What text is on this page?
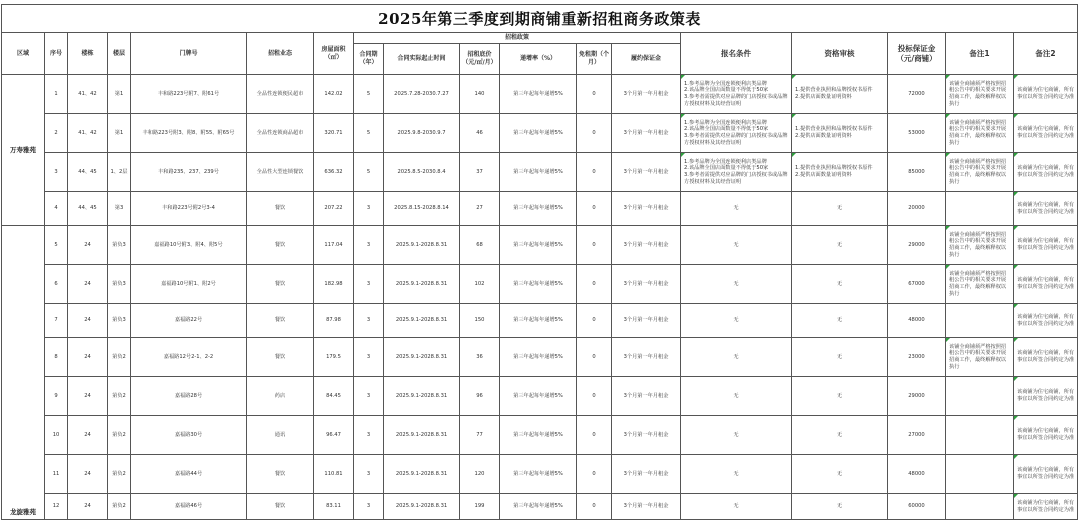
2025年第三季度到期商铺重新招租商务政策表																	
区域	序号	楼栋	楼层	门牌号	招租业态	房屋面积（㎡）	招租政策						报名条件	资格审核	投标保证金（元/商铺）	备注1	备注2
							合同期（年）	合同实际起止时间	招租底价（元/㎡/月）	递增率（%）	免租期（个月）	履约保证金					
万寿雅苑	1	41、42	第1	丰和路223号附7、附61号	全品性连锁便民超市	142.02	5	2025.7.28-2030.7.27	140	第三年起每年递增5%	0	3个月第一年月租金	1.参考品牌为全国连锁便利店类品牌
2.该品牌全国店面数量不得低于50家
3.参考者需提供对应品牌的门店授权书或品牌方授权材料及其经营证明	1.提供营业执照和品牌授权书原件
2.提供店面数量证明资料	72000	该铺全商铺须严格按照招租公告中的相关要求开展招商工作，最终解释权以执行	该商铺为住宅商铺，所有事宜以所签合同约定为准
	2	41、42	第1	丰和路223号附3、附8、附55、附65号	全品性连锁商品超市	320.71	5	2025.9.8-2030.9.7	46	第三年起每年递增5%	0	3个月第一年月租金	1.参考品牌为全国连锁便利店类品牌
2.该品牌全国店面数量不得低于50家
3.参考者需提供对应品牌的门店授权书或品牌方授权材料及其经营证明	1.提供营业执照和品牌授权书原件
2.提供店面数量证明资料	53000	该铺全商铺须严格按照招租公告中的相关要求开展招商工作，最终解释权以执行	该商铺为住宅商铺，所有事宜以所签合同约定为准
	3	44、45	1、2层	丰和路235、237、239号	全品性大型连锁餐饮	636.32	5	2025.8.5-2030.8.4	37	第三年起每年递增5%	0	3个月第一年月租金	1.参考品牌为全国连锁便利店类品牌
2.该品牌全国店面数量不得低于50家
3.参考者需提供对应品牌的门店授权书或品牌方授权材料及其经营证明	1.提供营业执照和品牌授权书原件
2.提供店面数量证明资料	85000	该铺全商铺须严格按照招租公告中的相关要求开展招商工作，最终解释权以执行	该商铺为住宅商铺，所有事宜以所签合同约定为准
	4	44、45	第3	丰和路223号附2号3-4	餐饮	207.22	3	2025.8.15-2028.8.14	27	第三年起每年递增5%	0	3个月第一年月租金	无	无	20000		该商铺为住宅商铺，所有事宜以所签合同约定为准
龙旋雅苑	5	24	第负3	嘉福路10号附3、附4、附5号	餐饮	117.04	3	2025.9.1-2028.8.31	68	第三年起每年递增5%	0	3个月第一年月租金	无	无	29000	该铺全商铺须严格按照招租公告中的相关要求开展招商工作，最终解释权以执行	该商铺为住宅商铺，所有事宜以所签合同约定为准
	6	24	第负3	嘉福路10号附1、附2号	餐饮	182.98	3	2025.9.1-2028.8.31	102	第三年起每年递增5%	0	3个月第一年月租金	无	无	67000	该铺全商铺须严格按照招租公告中的相关要求开展招商工作，最终解释权以执行	该商铺为住宅商铺，所有事宜以所签合同约定为准
	7	24	第负3	嘉福路22号	餐饮	87.98	3	2025.9.1-2028.8.31	150	第三年起每年递增5%	0	3个月第一年月租金	无	无	48000		该商铺为住宅商铺，所有事宜以所签合同约定为准
	8	24	第负2	嘉福路12号2-1、2-2	餐饮	179.5	3	2025.9.1-2028.8.31	36	第三年起每年递增5%	0	3个月第一年月租金	无	无	23000	该铺全商铺须严格按照招租公告中的相关要求开展招商工作，最终解释权以执行	该商铺为住宅商铺，所有事宜以所签合同约定为准
	9	24	第负2	嘉福路28号	药店	84.45	3	2025.9.1-2028.8.31	96	第三年起每年递增5%	0	3个月第一年月租金	无	无	29000		该商铺为住宅商铺，所有事宜以所签合同约定为准
	10	24	第负2	嘉福路30号	通讯	96.47	3	2025.9.1-2028.8.31	77	第三年起每年递增5%	0	3个月第一年月租金	无	无	27000		该商铺为住宅商铺，所有事宜以所签合同约定为准
	11	24	第负2	嘉福路44号	餐饮	110.81	3	2025.9.1-2028.8.31	120	第三年起每年递增5%	0	3个月第一年月租金	无	无	48000		该商铺为住宅商铺，所有事宜以所签合同约定为准
	12	24	第负2	嘉福路46号	餐饮	83.11	3	2025.9.1-2028.8.31	199	第三年起每年递增5%	0	3个月第一年月租金	无	无	60000		该商铺为住宅商铺，所有事宜以所签合同约定为准
